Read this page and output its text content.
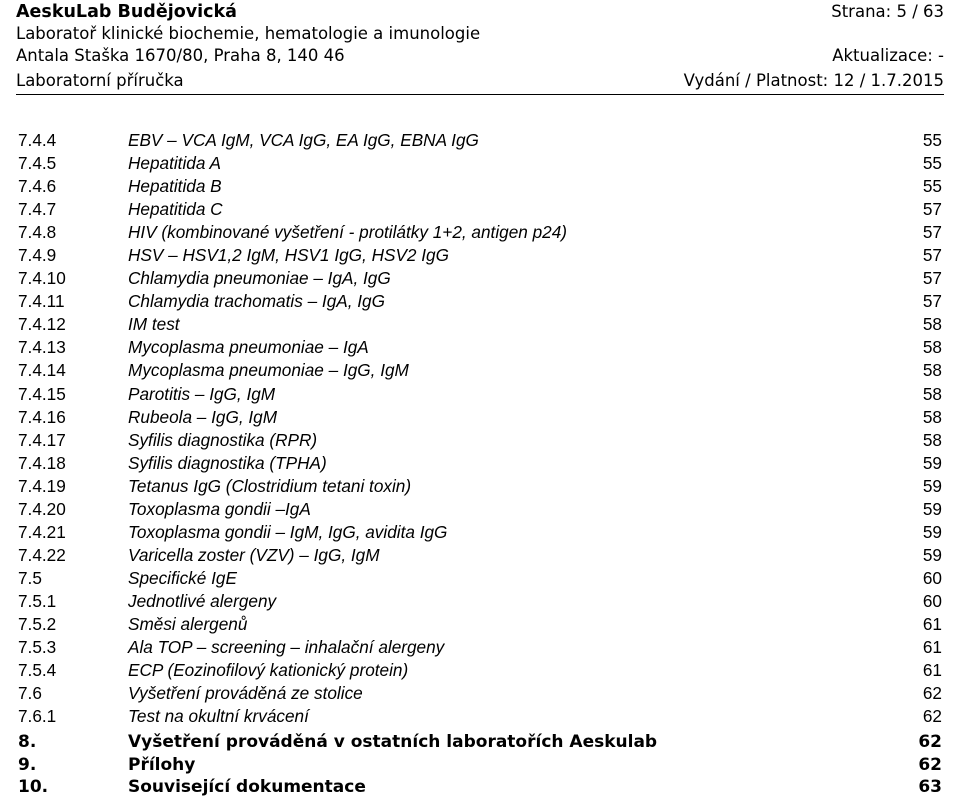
AeskuLab Budějovická	Strana: 5 / 63
Laboratoř klinické biochemie, hematologie a imunologie
Antala Staška 1670/80, Praha 8, 140 46	Aktualizace: -
Laboratorní příručka	Vydání / Platnost: 12 / 1.7.2015
7.4.4	EBV – VCA IgM, VCA IgG, EA IgG, EBNA IgG	55
7.4.5	Hepatitida A	55
7.4.6	Hepatitida B	55
7.4.7	Hepatitida C	57
7.4.8	HIV (kombinované vyšetření - protilátky 1+2, antigen p24)	57
7.4.9	HSV – HSV1,2 IgM, HSV1 IgG, HSV2 IgG	57
7.4.10	Chlamydia pneumoniae – IgA, IgG	57
7.4.11	Chlamydia trachomatis – IgA, IgG	57
7.4.12	IM test	58
7.4.13	Mycoplasma pneumoniae – IgA	58
7.4.14	Mycoplasma pneumoniae – IgG, IgM	58
7.4.15	Parotitis – IgG, IgM	58
7.4.16	Rubeola – IgG, IgM	58
7.4.17	Syfilis diagnostika (RPR)	58
7.4.18	Syfilis diagnostika (TPHA)	59
7.4.19	Tetanus IgG (Clostridium tetani toxin)	59
7.4.20	Toxoplasma gondii –IgA	59
7.4.21	Toxoplasma gondii – IgM, IgG, avidita IgG	59
7.4.22	Varicella zoster (VZV) – IgG, IgM	59
7.5	Specifické IgE	60
7.5.1	Jednotlivé alergeny	60
7.5.2	Směsi alergenů	61
7.5.3	Ala TOP – screening – inhalační alergeny	61
7.5.4	ECP (Eozinofilový kationický protein)	61
7.6	Vyšetření prováděná ze stolice	62
7.6.1	Test na okultní krvácení	62
8.	Vyšetření prováděná v ostatních laboratořích Aeskulab	62
9.	Přílohy	62
10.	Související dokumentace	63
